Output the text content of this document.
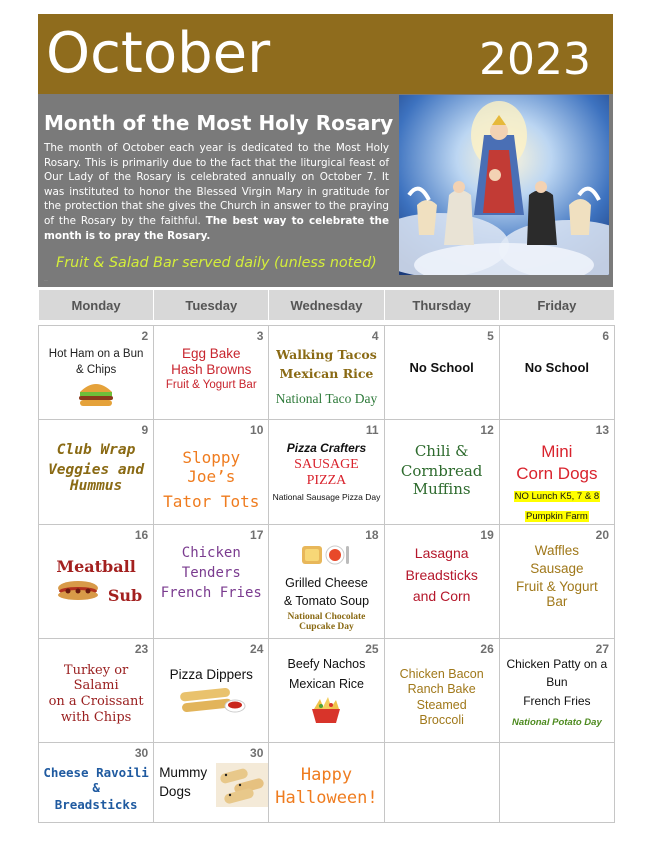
October	2023
Month of the Most Holy Rosary

The month of October each year is dedicated to the Most Holy Rosary. This is primarily due to the fact that the liturgical feast of Our Lady of the Rosary is celebrated annually on October 7. It was instituted to honor the Blessed Virgin Mary in gratitude for the protection that she gives the Church in answer to the praying of the Rosary by the faithful. The best way to celebrate the month is to pray the Rosary.

Fruit & Salad Bar served daily (unless noted)
..
Monday	Tuesday	Wednesday	Thursday	Friday

2
Hot Ham on a Bun
& Chips	3
Egg Bake
Hash Browns
Fruit & Yogurt Bar	4
Walking Tacos
Mexican Rice
National Taco Day	5
No School	6
No School

9
Club Wrap
Veggies and
Hummus	10
Sloppy Joe’s
Tator Tots	11
Pizza Crafters
SAUSAGE
PIZZA
National Sausage Pizza Day	12
Chili &
Cornbread
Muffins	13
Mini
Corn Dogs
NO Lunch K5, 7 & 8
Pumpkin Farm

16
Meatball
Sub	17
Chicken
Tenders
French Fries	18
Grilled Cheese
& Tomato Soup
National Chocolate
Cupcake Day	19
Lasagna
Breadsticks
and Corn	20
Waffles
Sausage
Fruit & Yogurt
Bar

23
Turkey or Salami
on a Croissant
with Chips	24
Pizza Dippers	25
Beefy Nachos
Mexican Rice	26
Chicken Bacon
Ranch Bake
Steamed
Broccoli	27
Chicken Patty on a
Bun
French Fries
National Potato Day

30
Cheese Ravoili &
Breadsticks	30
Mummy
Dogs	Happy
Halloween!		
